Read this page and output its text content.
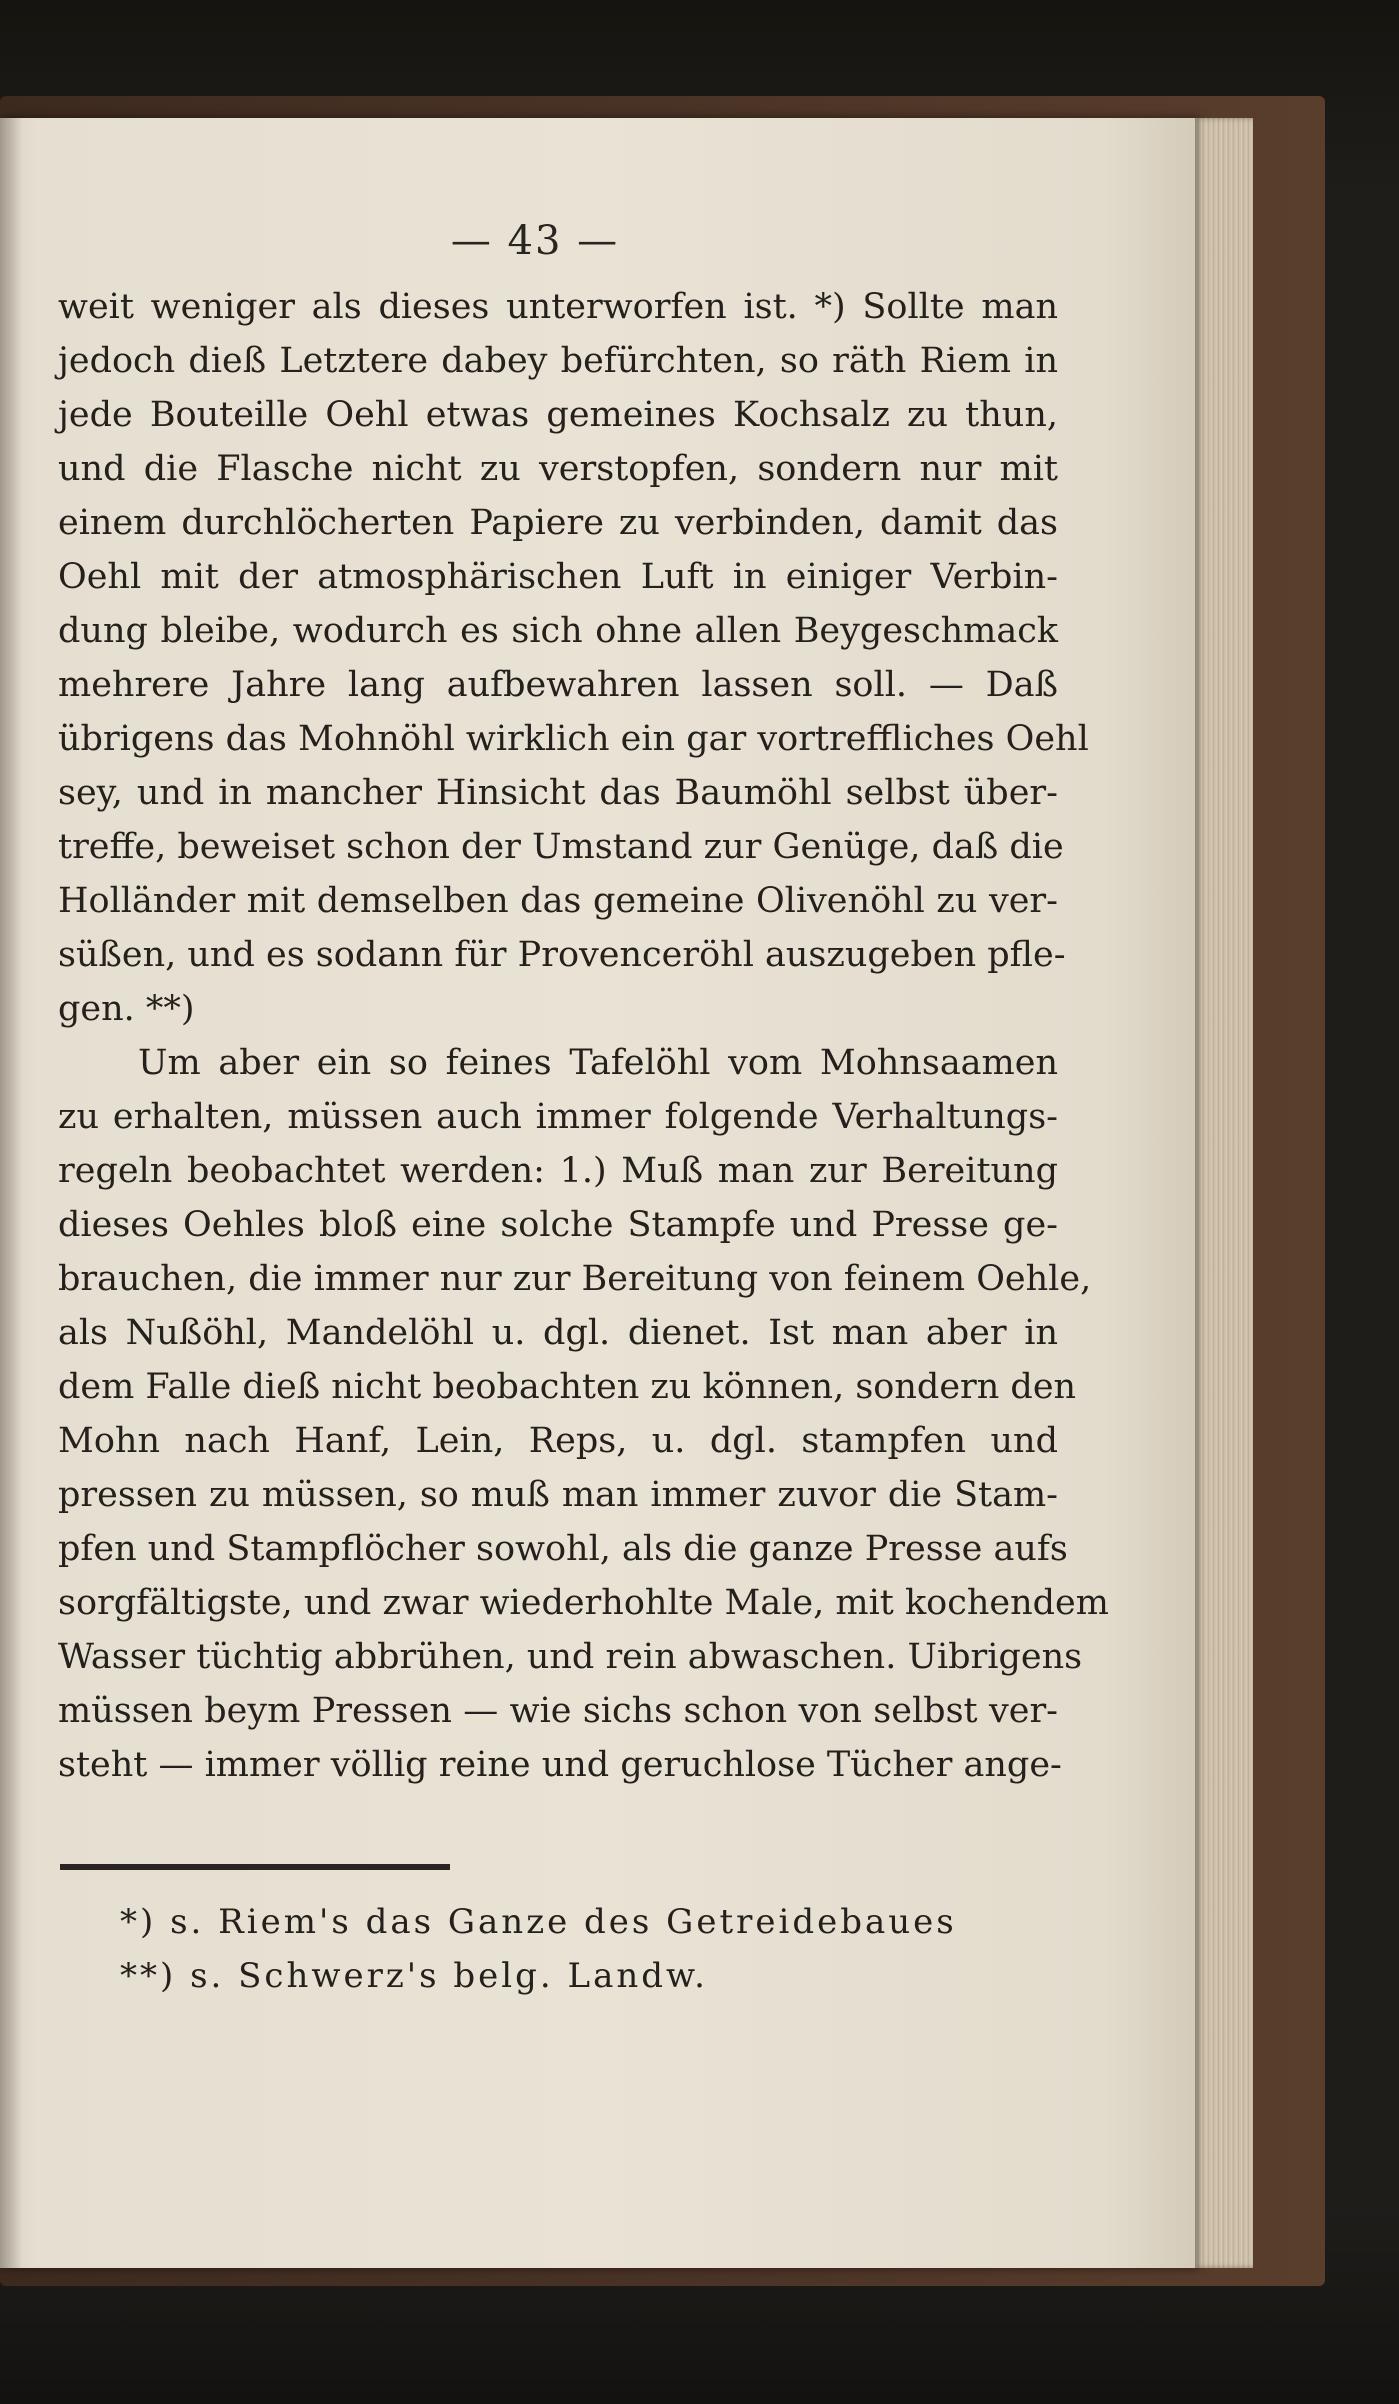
— 43 —
weit weniger als dieses unterworfen ist. *) Sollte man
jedoch dieß Letztere dabey befürchten, so räth Riem in
jede Bouteille Oehl etwas gemeines Kochsalz zu thun,
und die Flasche nicht zu verstopfen, sondern nur mit
einem durchlöcherten Papiere zu verbinden, damit das
Oehl mit der atmosphärischen Luft in einiger Verbin-
dung bleibe, wodurch es sich ohne allen Beygeschmack
mehrere Jahre lang aufbewahren lassen soll. — Daß
übrigens das Mohnöhl wirklich ein gar vortreffliches Oehl
sey, und in mancher Hinsicht das Baumöhl selbst über-
treffe, beweiset schon der Umstand zur Genüge, daß die
Holländer mit demselben das gemeine Olivenöhl zu ver-
süßen, und es sodann für Provenceröhl auszugeben pfle-
gen. **)
Um aber ein so feines Tafelöhl vom Mohnsaamen
zu erhalten, müssen auch immer folgende Verhaltungs-
regeln beobachtet werden: 1.) Muß man zur Bereitung
dieses Oehles bloß eine solche Stampfe und Presse ge-
brauchen, die immer nur zur Bereitung von feinem Oehle,
als Nußöhl, Mandelöhl u. dgl. dienet. Ist man aber in
dem Falle dieß nicht beobachten zu können, sondern den
Mohn nach Hanf, Lein, Reps, u. dgl. stampfen und
pressen zu müssen, so muß man immer zuvor die Stam-
pfen und Stampflöcher sowohl, als die ganze Presse aufs
sorgfältigste, und zwar wiederhohlte Male, mit kochendem
Wasser tüchtig abbrühen, und rein abwaschen. Uibrigens
müssen beym Pressen — wie sichs schon von selbst ver-
steht — immer völlig reine und geruchlose Tücher ange-
*) s. Riem's das Ganze des Getreidebaues
**) s. Schwerz's belg. Landw.
